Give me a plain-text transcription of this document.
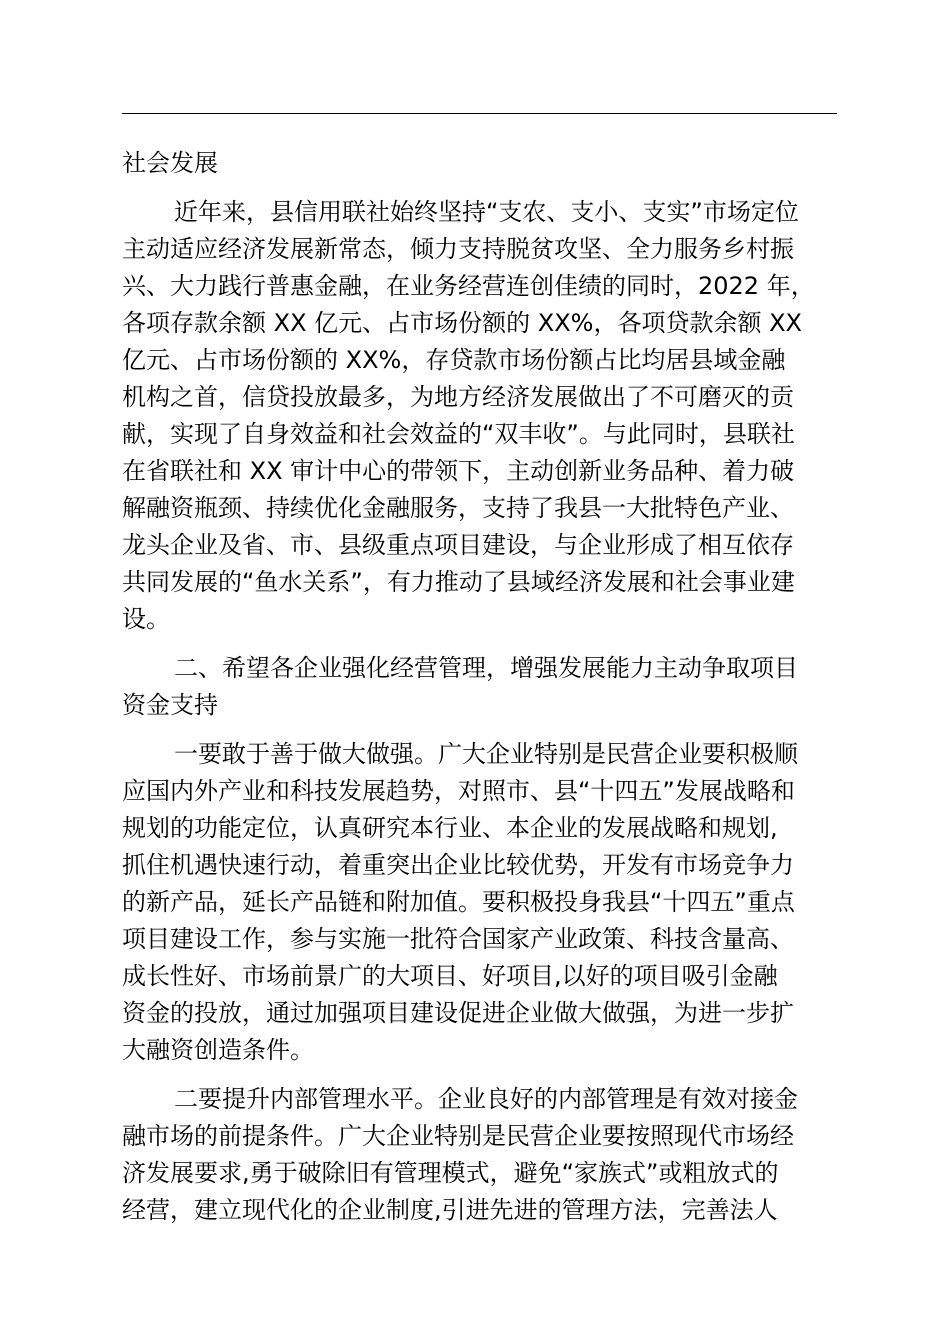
社会发展
近年来，县信用联社始终坚持“支农、支小、支实”市场定位
主动适应经济发展新常态，倾力支持脱贫攻坚、全力服务乡村振
兴、大力践行普惠金融，在业务经营连创佳绩的同时，2022 年，
各项存款余额 XX 亿元、占市场份额的 XX%，各项贷款余额 XX
亿元、占市场份额的 XX%，存贷款市场份额占比均居县域金融
机构之首，信贷投放最多，为地方经济发展做出了不可磨灭的贡
献，实现了自身效益和社会效益的“双丰收”。与此同时，县联社
在省联社和 XX 审计中心的带领下，主动创新业务品种、着力破
解融资瓶颈、持续优化金融服务，支持了我县一大批特色产业、
龙头企业及省、市、县级重点项目建设，与企业形成了相互依存
共同发展的“鱼水关系”，有力推动了县域经济发展和社会事业建
设。
二、希望各企业强化经营管理，增强发展能力主动争取项目
资金支持
一要敢于善于做大做强。广大企业特别是民营企业要积极顺
应国内外产业和科技发展趋势，对照市、县“十四五”发展战略和
规划的功能定位，认真研究本行业、本企业的发展战略和规划,
抓住机遇快速行动，着重突出企业比较优势，开发有市场竞争力
的新产品，延长产品链和附加值。要积极投身我县“十四五”重点
项目建设工作，参与实施一批符合国家产业政策、科技含量高、
成长性好、市场前景广的大项目、好项目,以好的项目吸引金融
资金的投放，通过加强项目建设促进企业做大做强，为进一步扩
大融资创造条件。
二要提升内部管理水平。企业良好的内部管理是有效对接金
融市场的前提条件。广大企业特别是民营企业要按照现代市场经
济发展要求,勇于破除旧有管理模式，避免“家族式”或粗放式的
经营，建立现代化的企业制度,引进先进的管理方法，完善法人
